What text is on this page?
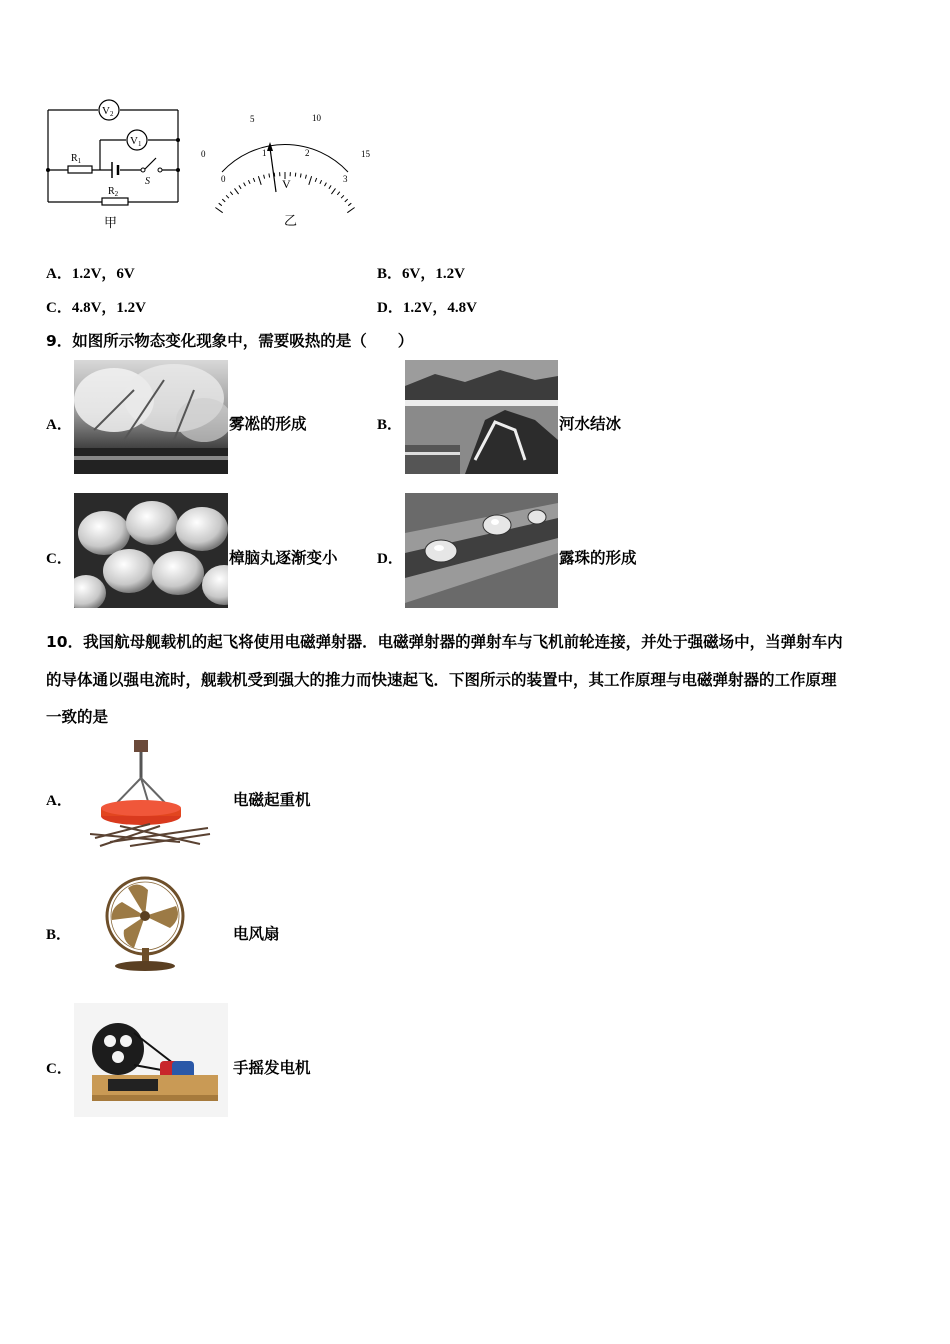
V2
V1
$R_1$
S
$R_2$
甲
0
5	10
15
0
1	2
3
V
乙
A．1.2V，6V	B．6V，1.2V
C．4.8V，1.2V	D．1.2V，4.8V
9．如图所示物态变化现象中，需要吸热的是（　　）
A．	雾凇的形成	B．	河水结冰
C．	樟脑丸逐渐变小	D．	露珠的形成
10．我国航母舰载机的起飞将使用电磁弹射器．电磁弹射器的弹射车与飞机前轮连接，并处于强磁场中，当弹射车内
的导体通以强电流时，舰载机受到强大的推力而快速起飞．下图所示的装置中，其工作原理与电磁弹射器的工作原理
一致的是
A．	电磁起重机
B．	电风扇
C．	手摇发电机
